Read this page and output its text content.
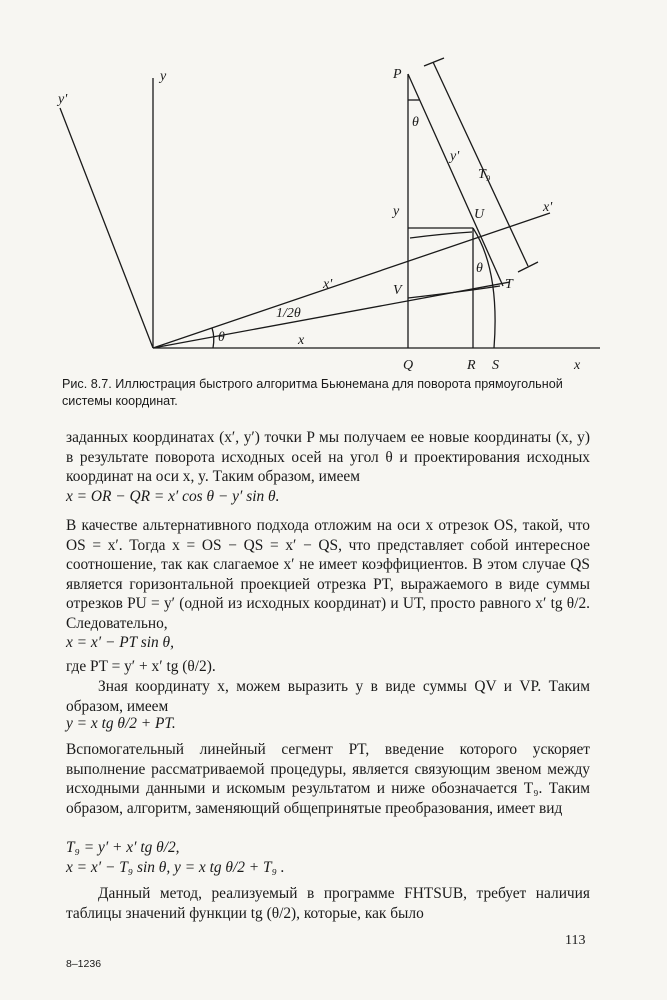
P
y
y'
θ
y'
T₉
y	U	x'
θ
T
x'	V
1/2θ
θ	x
Q	R S	x
Рис. 8.7. Иллюстрация быстрого алгоритма Бьюнемана для поворота прямоугольной системы координат.
заданных координатах (x′, y′) точки P мы получаем ее новые координаты (x, y) в результате поворота исходных осей на угол θ и проектирования исходных координат на оси x, y. Таким образом, имеем
x = OR − QR = x′ cos θ − y′ sin θ.
В качестве альтернативного подхода отложим на оси x отрезок OS, такой, что OS = x′. Тогда x = OS − QS = x′ − QS, что представляет собой интересное соотношение, так как слагаемое x′ не имеет коэффициентов. В этом случае QS является горизонтальной проекцией отрезка PT, выражаемого в виде суммы отрезков PU = y′ (одной из исходных координат) и UT, просто равного x′ tg θ/2. Следовательно,
x = x′ − PT sin θ,
где PT = y′ + x′ tg (θ/2).
Зная координату x, можем выразить y в виде суммы QV и VP. Таким образом, имеем
y = x tg θ/2 + PT.
Вспомогательный линейный сегмент PT, введение которого ускоряет выполнение рассматриваемой процедуры, является связующим звеном между исходными данными и искомым результатом и ниже обозначается T₉. Таким образом, алгоритм, заменяющий общепринятые преобразования, имеет вид
T₉ = y′ + x′ tg θ/2,
x = x′ − T₉ sin θ, y = x tg θ/2 + T₉ .
Данный метод, реализуемый в программе FHTSUB, требует наличия таблицы значений функции tg (θ/2), которые, как было
113
8–1236
